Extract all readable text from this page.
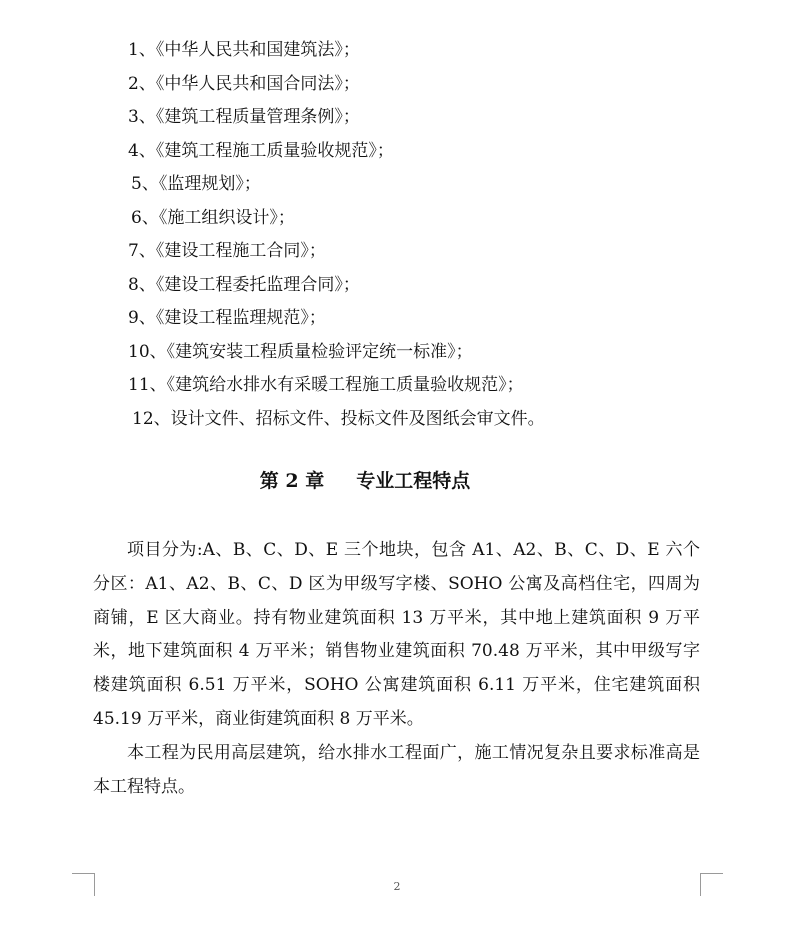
1、《中华人民共和国建筑法》；
2、《中华人民共和国合同法》；
3、《建筑工程质量管理条例》；
4、《建筑工程施工质量验收规范》；
5、《监理规划》；
6、《施工组织设计》；
7、《建设工程施工合同》；
8、《建设工程委托监理合同》；
9、《建设工程监理规范》；
10、《建筑安装工程质量检验评定统一标准》；
11、《建筑给水排水有采暖工程施工质量验收规范》；
12、设计文件、招标文件、投标文件及图纸会审文件。
第 2 章 专业工程特点

项目分为:A、B、C、D、E 三个地块，包含 A1、A2、B、C、D、E 六个分区：A1、A2、B、C、D 区为甲级写字楼、SOHO 公寓及高档住宅，四周为商铺，E 区大商业。持有物业建筑面积 13 万平米，其中地上建筑面积 9 万平米，地下建筑面积 4 万平米；销售物业建筑面积 70.48 万平米，其中甲级写字楼建筑面积 6.51 万平米，SOHO 公寓建筑面积 6.11 万平米，住宅建筑面积 45.19 万平米，商业街建筑面积 8 万平米。

本工程为民用高层建筑，给水排水工程面广，施工情况复杂且要求标准高是本工程特点。

2
